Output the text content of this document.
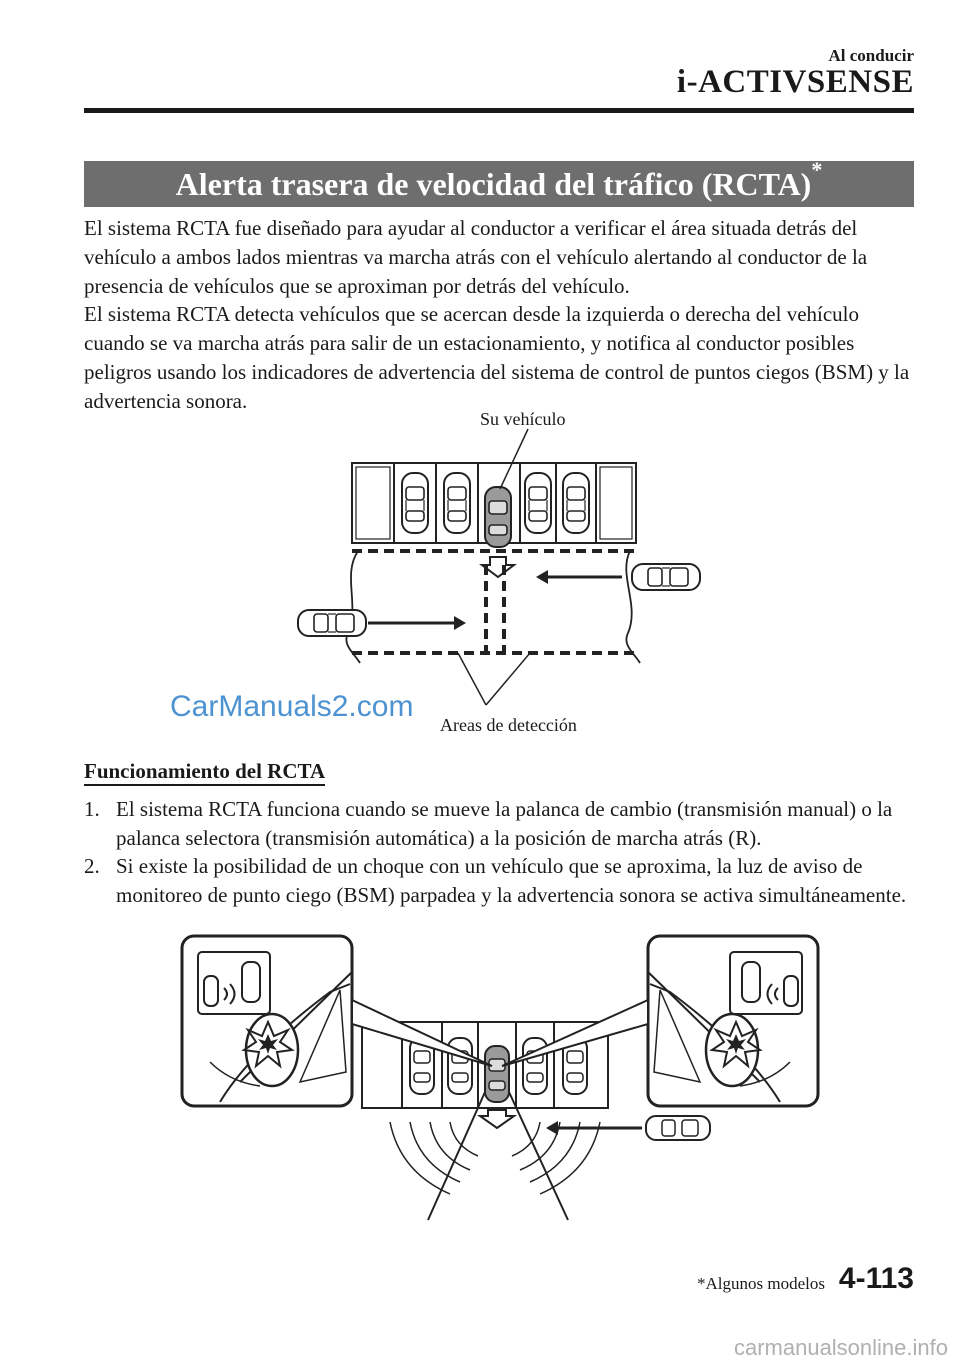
Al conducir
i-ACTIVSENSE
Alerta trasera de velocidad del tráfico (RCTA)*
El sistema RCTA fue diseñado para ayudar al conductor a verificar el área situada detrás del vehículo a ambos lados mientras va marcha atrás con el vehículo alertando al conductor de la presencia de vehículos que se aproximan por detrás del vehículo.
El sistema RCTA detecta vehículos que se acercan desde la izquierda o derecha del vehículo cuando se va marcha atrás para salir de un estacionamiento, y notifica al conductor posibles peligros usando los indicadores de advertencia del sistema de control de puntos ciegos (BSM) y la advertencia sonora.
Su vehículo
Areas de detección
CarManuals2.com
Funcionamiento del RCTA
1. El sistema RCTA funciona cuando se mueve la palanca de cambio (transmisión manual) o la palanca selectora (transmisión automática) a la posición de marcha atrás (R).
2. Si existe la posibilidad de un choque con un vehículo que se aproxima, la luz de aviso de monitoreo de punto ciego (BSM) parpadea y la advertencia sonora se activa simultáneamente.
*Algunos modelos 4-113
carmanualsonline.info
